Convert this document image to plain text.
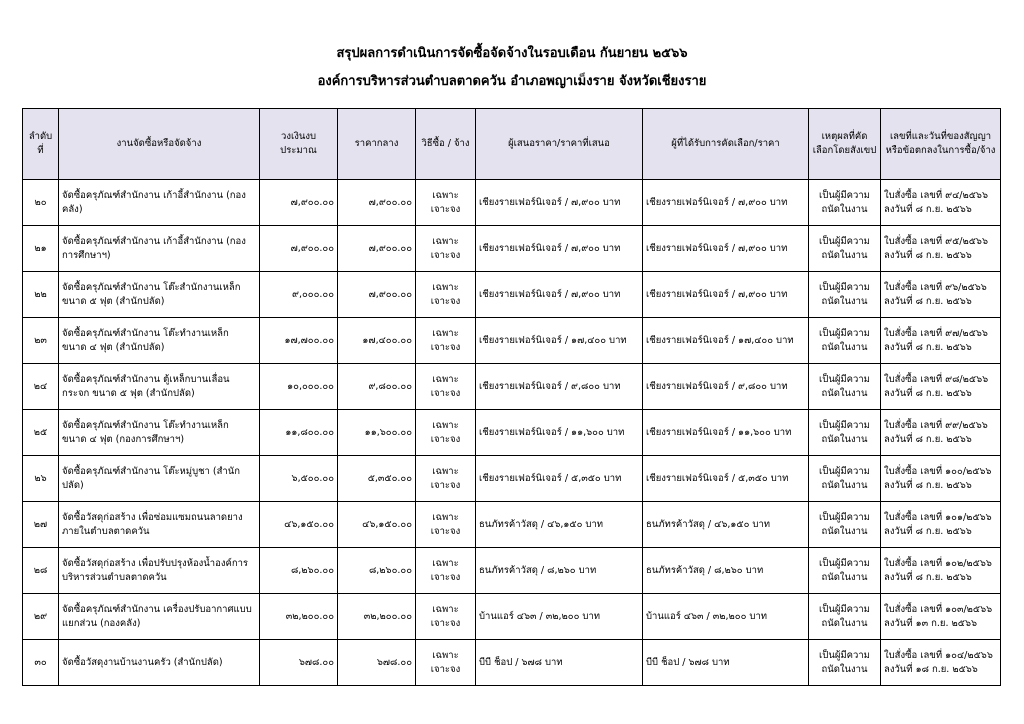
สรุปผลการดำเนินการจัดซื้อจัดจ้างในรอบเดือน กันยายน ๒๕๖๖
องค์การบริหารส่วนตำบลตาดควัน อำเภอพญาเม็งราย จังหวัดเชียงราย
ลำดับที่	งานจัดซื้อหรือจัดจ้าง	วงเงินงบประมาณ	ราคากลาง	วิธีซื้อ / จ้าง	ผู้เสนอราคา/ราคาที่เสนอ	ผู้ที่ได้รับการคัดเลือก/ราคา	เหตุผลที่คัดเลือกโดยสังเขป	เลขที่และวันที่ของสัญญาหรือข้อตกลงในการซื้อ/จ้าง
๒๐	จัดซื้อครุภัณฑ์สำนักงาน เก้าอี้สำนักงาน (กองคลัง)	๗,๙๐๐.๐๐	๗,๙๐๐.๐๐	เฉพาะเจาะจง	เชียงรายเฟอร์นิเจอร์ / ๗,๙๐๐ บาท	เชียงรายเฟอร์นิเจอร์ / ๗,๙๐๐ บาท	เป็นผู้มีความถนัดในงาน	ใบสั่งซื้อ เลขที่ ๙๔/๒๕๖๖ ลงวันที่ ๘ ก.ย. ๒๕๖๖
๒๑	จัดซื้อครุภัณฑ์สำนักงาน เก้าอี้สำนักงาน (กองการศึกษาฯ)	๗,๙๐๐.๐๐	๗,๙๐๐.๐๐	เฉพาะเจาะจง	เชียงรายเฟอร์นิเจอร์ / ๗,๙๐๐ บาท	เชียงรายเฟอร์นิเจอร์ / ๗,๙๐๐ บาท	เป็นผู้มีความถนัดในงาน	ใบสั่งซื้อ เลขที่ ๙๕/๒๕๖๖ ลงวันที่ ๘ ก.ย. ๒๕๖๖
๒๒	จัดซื้อครุภัณฑ์สำนักงาน โต๊ะสำนักงานเหล็ก ขนาด ๕ ฟุต (สำนักปลัด)	๙,๐๐๐.๐๐	๗,๙๐๐.๐๐	เฉพาะเจาะจง	เชียงรายเฟอร์นิเจอร์ / ๗,๙๐๐ บาท	เชียงรายเฟอร์นิเจอร์ / ๗,๙๐๐ บาท	เป็นผู้มีความถนัดในงาน	ใบสั่งซื้อ เลขที่ ๙๖/๒๕๖๖ ลงวันที่ ๘ ก.ย. ๒๕๖๖
๒๓	จัดซื้อครุภัณฑ์สำนักงาน โต๊ะทำงานเหล็ก ขนาด ๔ ฟุต (สำนักปลัด)	๑๗,๗๐๐.๐๐	๑๗,๔๐๐.๐๐	เฉพาะเจาะจง	เชียงรายเฟอร์นิเจอร์ / ๑๗,๔๐๐ บาท	เชียงรายเฟอร์นิเจอร์ / ๑๗,๔๐๐ บาท	เป็นผู้มีความถนัดในงาน	ใบสั่งซื้อ เลขที่ ๙๗/๒๕๖๖ ลงวันที่ ๘ ก.ย. ๒๕๖๖
๒๔	จัดซื้อครุภัณฑ์สำนักงาน ตู้เหล็กบานเลื่อนกระจก ขนาด ๕ ฟุต (สำนักปลัด)	๑๐,๐๐๐.๐๐	๙,๘๐๐.๐๐	เฉพาะเจาะจง	เชียงรายเฟอร์นิเจอร์ / ๙,๘๐๐ บาท	เชียงรายเฟอร์นิเจอร์ / ๙,๘๐๐ บาท	เป็นผู้มีความถนัดในงาน	ใบสั่งซื้อ เลขที่ ๙๘/๒๕๖๖ ลงวันที่ ๘ ก.ย. ๒๕๖๖
๒๕	จัดซื้อครุภัณฑ์สำนักงาน โต๊ะทำงานเหล็ก ขนาด ๔ ฟุต (กองการศึกษาฯ)	๑๑,๘๐๐.๐๐	๑๑,๖๐๐.๐๐	เฉพาะเจาะจง	เชียงรายเฟอร์นิเจอร์ / ๑๑,๖๐๐ บาท	เชียงรายเฟอร์นิเจอร์ / ๑๑,๖๐๐ บาท	เป็นผู้มีความถนัดในงาน	ใบสั่งซื้อ เลขที่ ๙๙/๒๕๖๖ ลงวันที่ ๘ ก.ย. ๒๕๖๖
๒๖	จัดซื้อครุภัณฑ์สำนักงาน โต๊ะหมู่บูชา (สำนักปลัด)	๖,๕๐๐.๐๐	๕,๓๕๐.๐๐	เฉพาะเจาะจง	เชียงรายเฟอร์นิเจอร์ / ๕,๓๕๐ บาท	เชียงรายเฟอร์นิเจอร์ / ๕,๓๕๐ บาท	เป็นผู้มีความถนัดในงาน	ใบสั่งซื้อ เลขที่ ๑๐๐/๒๕๖๖ ลงวันที่ ๘ ก.ย. ๒๕๖๖
๒๗	จัดซื้อวัสดุก่อสร้าง เพื่อซ่อมแซมถนนลาดยางภายในตำบลตาดควัน	๔๖,๑๕๐.๐๐	๔๖,๑๕๐.๐๐	เฉพาะเจาะจง	ธนภัทรค้าวัสดุ / ๔๖,๑๕๐ บาท	ธนภัทรค้าวัสดุ / ๔๖,๑๕๐ บาท	เป็นผู้มีความถนัดในงาน	ใบสั่งซื้อ เลขที่ ๑๐๑/๒๕๖๖ ลงวันที่ ๘ ก.ย. ๒๕๖๖
๒๘	จัดซื้อวัสดุก่อสร้าง เพื่อปรับปรุงห้องน้ำองค์การบริหารส่วนตำบลตาดควัน	๘,๒๖๐.๐๐	๘,๒๖๐.๐๐	เฉพาะเจาะจง	ธนภัทรค้าวัสดุ / ๘,๒๖๐ บาท	ธนภัทรค้าวัสดุ / ๘,๒๖๐ บาท	เป็นผู้มีความถนัดในงาน	ใบสั่งซื้อ เลขที่ ๑๐๒/๒๕๖๖ ลงวันที่ ๘ ก.ย. ๒๕๖๖
๒๙	จัดซื้อครุภัณฑ์สำนักงาน เครื่องปรับอากาศแบบแยกส่วน (กองคลัง)	๓๒,๒๐๐.๐๐	๓๒,๒๐๐.๐๐	เฉพาะเจาะจง	บ้านแอร์ ๔๖๓ / ๓๒,๒๐๐ บาท	บ้านแอร์ ๔๖๓ / ๓๒,๒๐๐ บาท	เป็นผู้มีความถนัดในงาน	ใบสั่งซื้อ เลขที่ ๑๐๓/๒๕๖๖ ลงวันที่ ๑๓ ก.ย. ๒๕๖๖
๓๐	จัดซื้อวัสดุงานบ้านงานครัว (สำนักปลัด)	๖๗๘.๐๐	๖๗๘.๐๐	เฉพาะเจาะจง	บีบี ช็อป / ๖๗๘ บาท	บีบี ช็อป / ๖๗๘ บาท	เป็นผู้มีความถนัดในงาน	ใบสั่งซื้อ เลขที่ ๑๐๔/๒๕๖๖ ลงวันที่ ๑๘ ก.ย. ๒๕๖๖
